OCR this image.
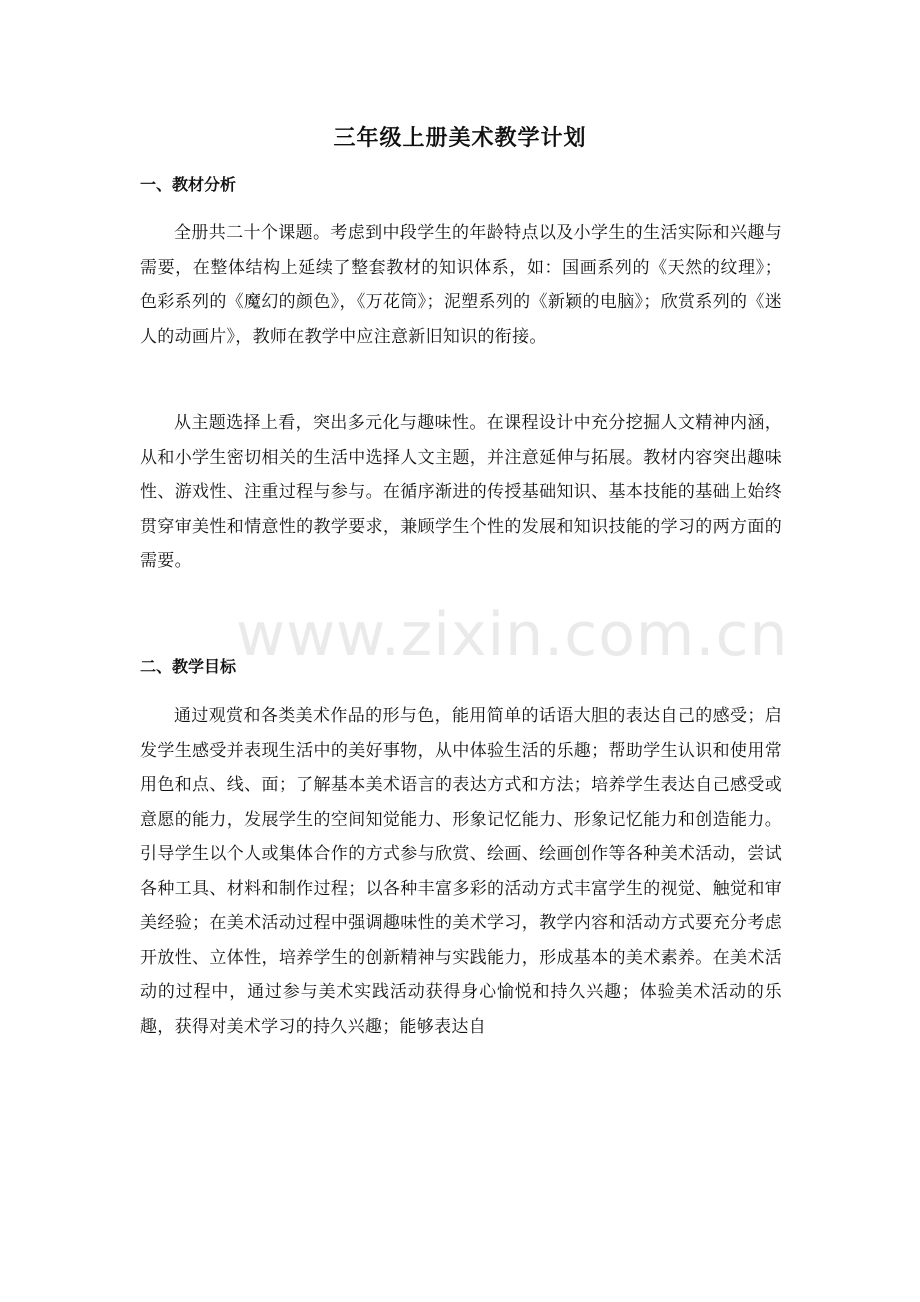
三年级上册美术教学计划
一、教材分析

全册共二十个课题。考虑到中段学生的年龄特点以及小学生的生活实际和兴趣与需要，在整体结构上延续了整套教材的知识体系，如：国画系列的《天然的纹理》；色彩系列的《魔幻的颜色》，《万花筒》；泥塑系列的《新颖的电脑》；欣赏系列的《迷人的动画片》，教师在教学中应注意新旧知识的衔接。

从主题选择上看，突出多元化与趣味性。在课程设计中充分挖掘人文精神内涵，从和小学生密切相关的生活中选择人文主题，并注意延伸与拓展。教材内容突出趣味性、游戏性、注重过程与参与。在循序渐进的传授基础知识、基本技能的基础上始终贯穿审美性和情意性的教学要求，兼顾学生个性的发展和知识技能的学习的两方面的需要。

二、教学目标

通过观赏和各类美术作品的形与色，能用简单的话语大胆的表达自己的感受；启发学生感受并表现生活中的美好事物，从中体验生活的乐趣；帮助学生认识和使用常用色和点、线、面；了解基本美术语言的表达方式和方法；培养学生表达自己感受或意愿的能力，发展学生的空间知觉能力、形象记忆能力、形象记忆能力和创造能力。引导学生以个人或集体合作的方式参与欣赏、绘画、绘画创作等各种美术活动，尝试各种工具、材料和制作过程；以各种丰富多彩的活动方式丰富学生的视觉、触觉和审美经验；在美术活动过程中强调趣味性的美术学习，教学内容和活动方式要充分考虑开放性、立体性，培养学生的创新精神与实践能力，形成基本的美术素养。在美术活动的过程中，通过参与美术实践活动获得身心愉悦和持久兴趣；体验美术活动的乐趣，获得对美术学习的持久兴趣；能够表达自

www.zixin.com.cn
